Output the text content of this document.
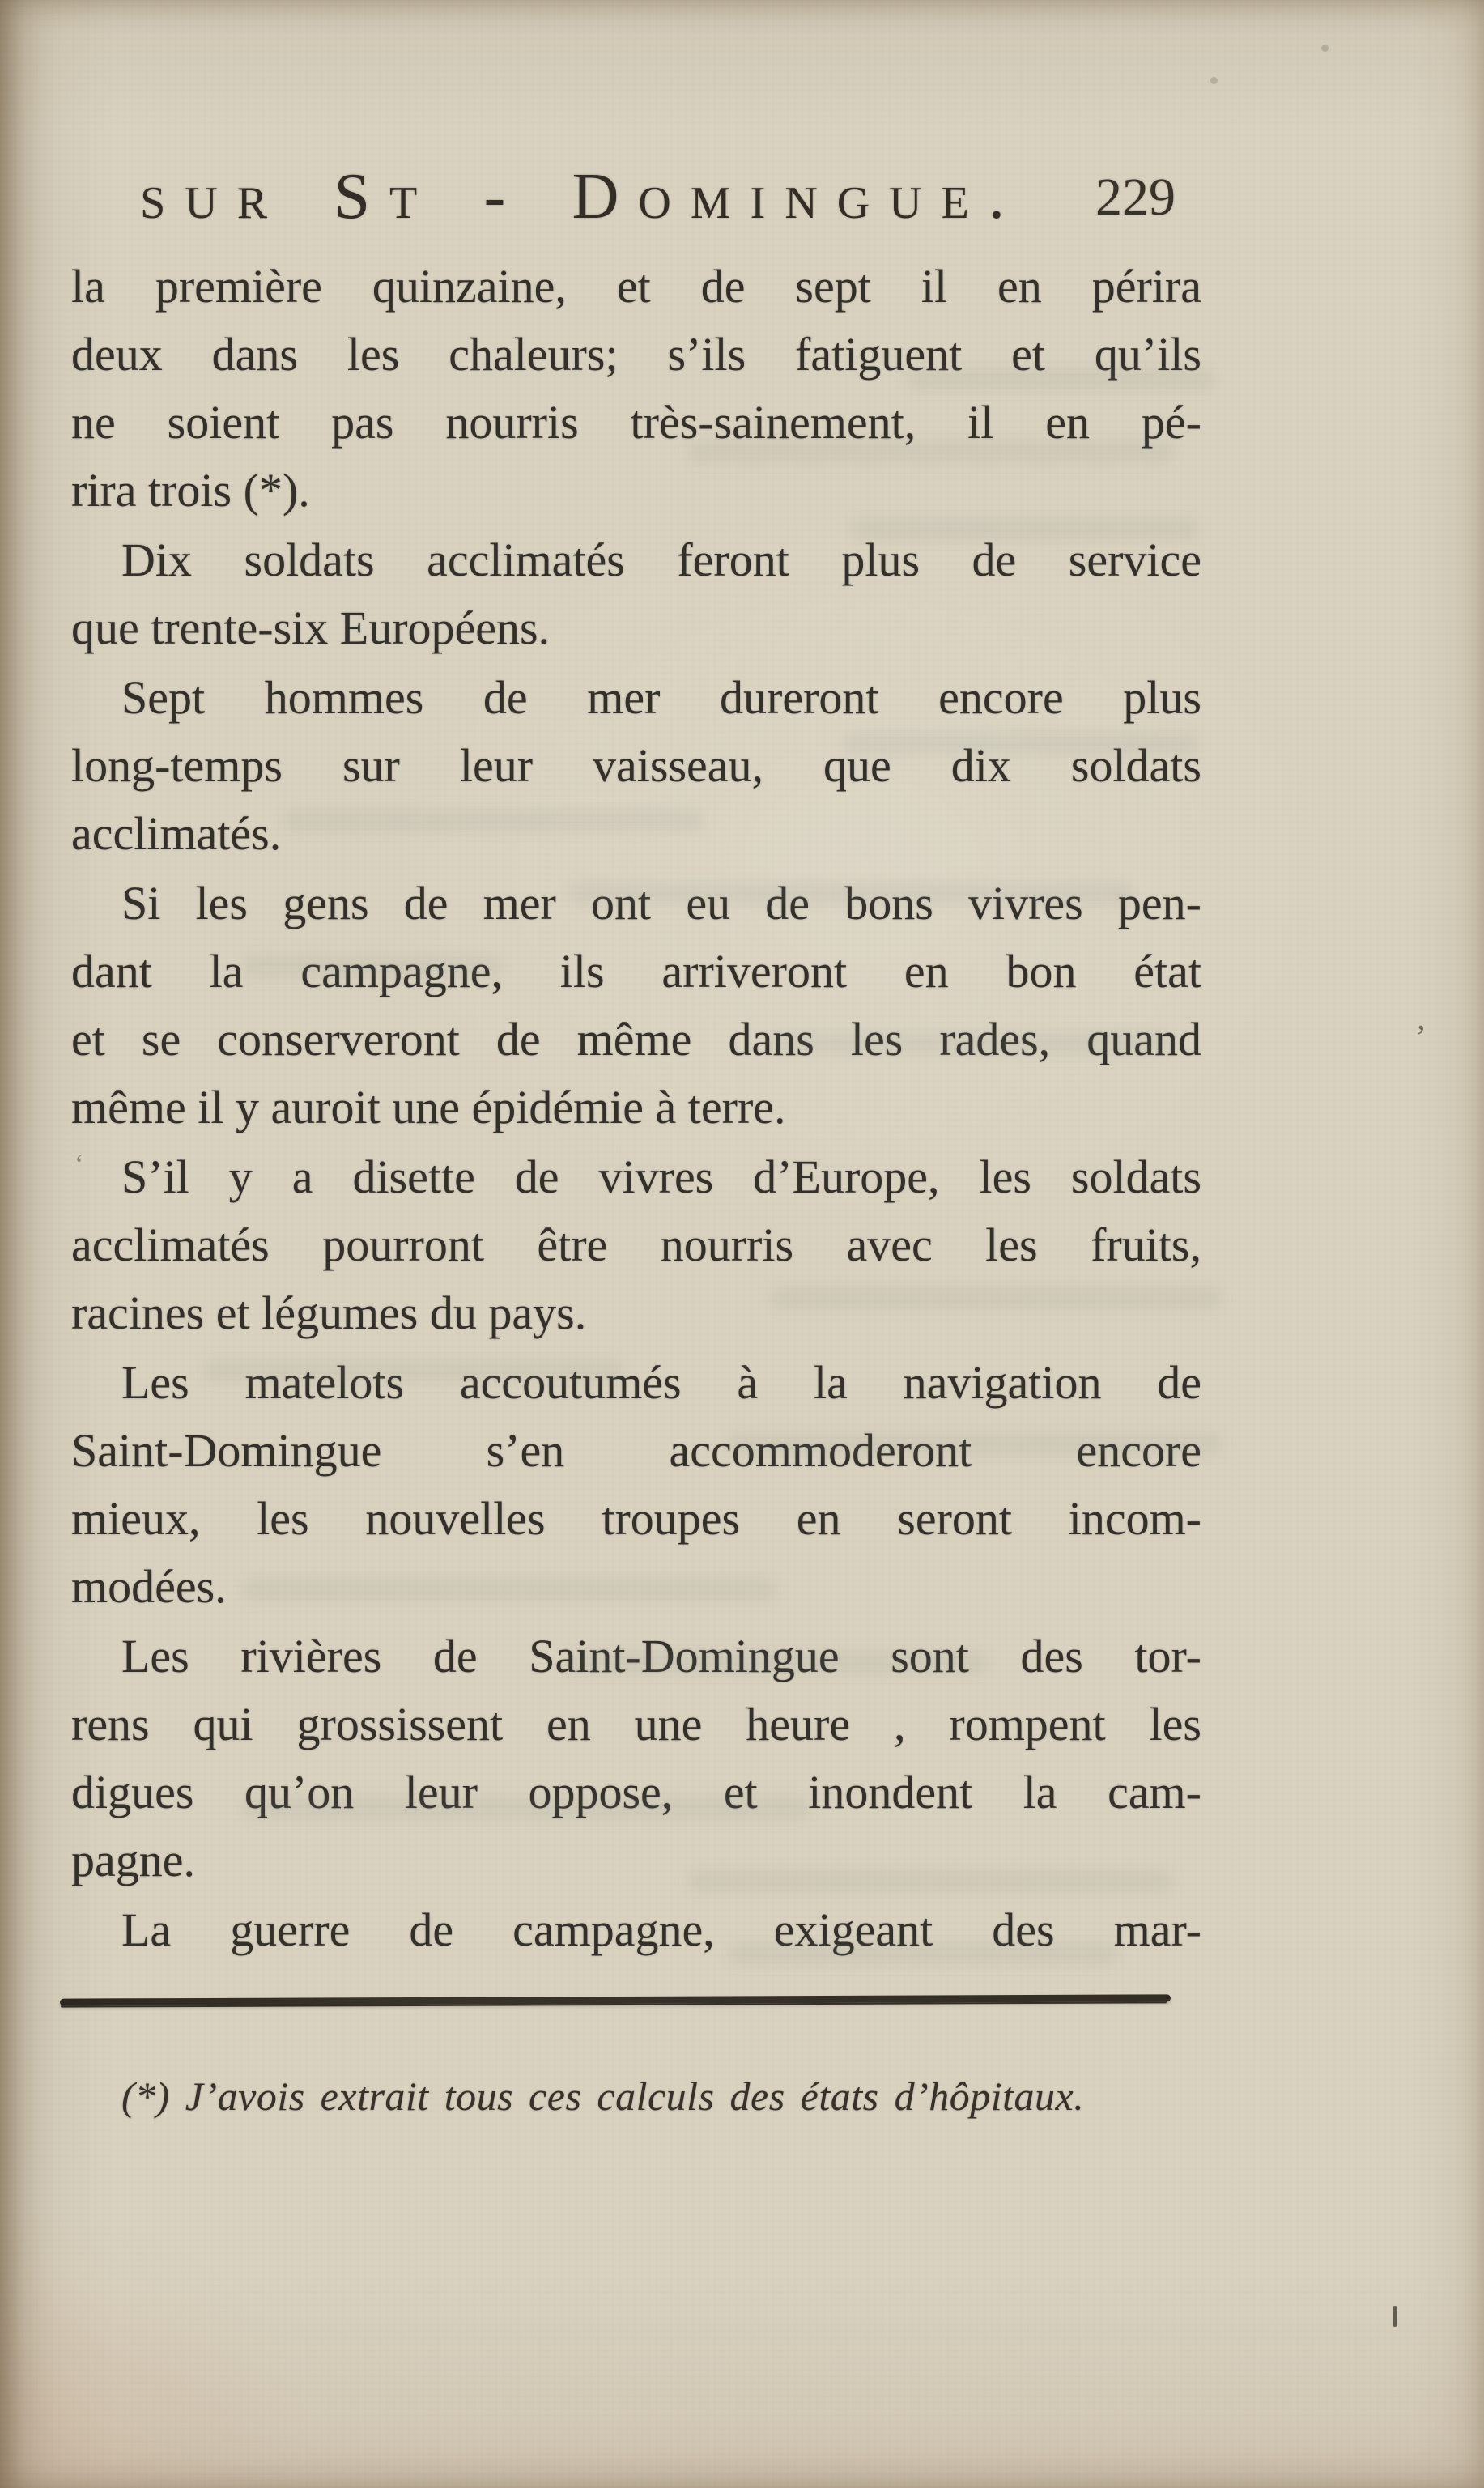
sur St - Domingue.	229
la première quinzaine, et de sept il en périra
deux dans les chaleurs; s’ils fatiguent et qu’ils
ne soient pas nourris très-sainement, il en pé-
rira trois (*).
Dix soldats acclimatés feront plus de service
que trente-six Européens.
Sept hommes de mer dureront encore plus
long-temps sur leur vaisseau, que dix soldats
acclimatés.
Si les gens de mer ont eu de bons vivres pen-
dant la campagne, ils arriveront en bon état
et se conserveront de même dans les rades, quand
même il y auroit une épidémie à terre.
S’il y a disette de vivres d’Europe, les soldats
acclimatés pourront être nourris avec les fruits,
racines et légumes du pays.
Les matelots accoutumés à la navigation de
Saint-Domingue s’en accommoderont encore
mieux, les nouvelles troupes en seront incom-
modées.
Les rivières de Saint-Domingue sont des tor-
rens qui grossissent en une heure , rompent les
digues qu’on leur oppose, et inondent la cam-
pagne.
La guerre de campagne, exigeant des mar-
(*) J’avois extrait tous ces calculs des états d’hôpitaux.
’
‘
